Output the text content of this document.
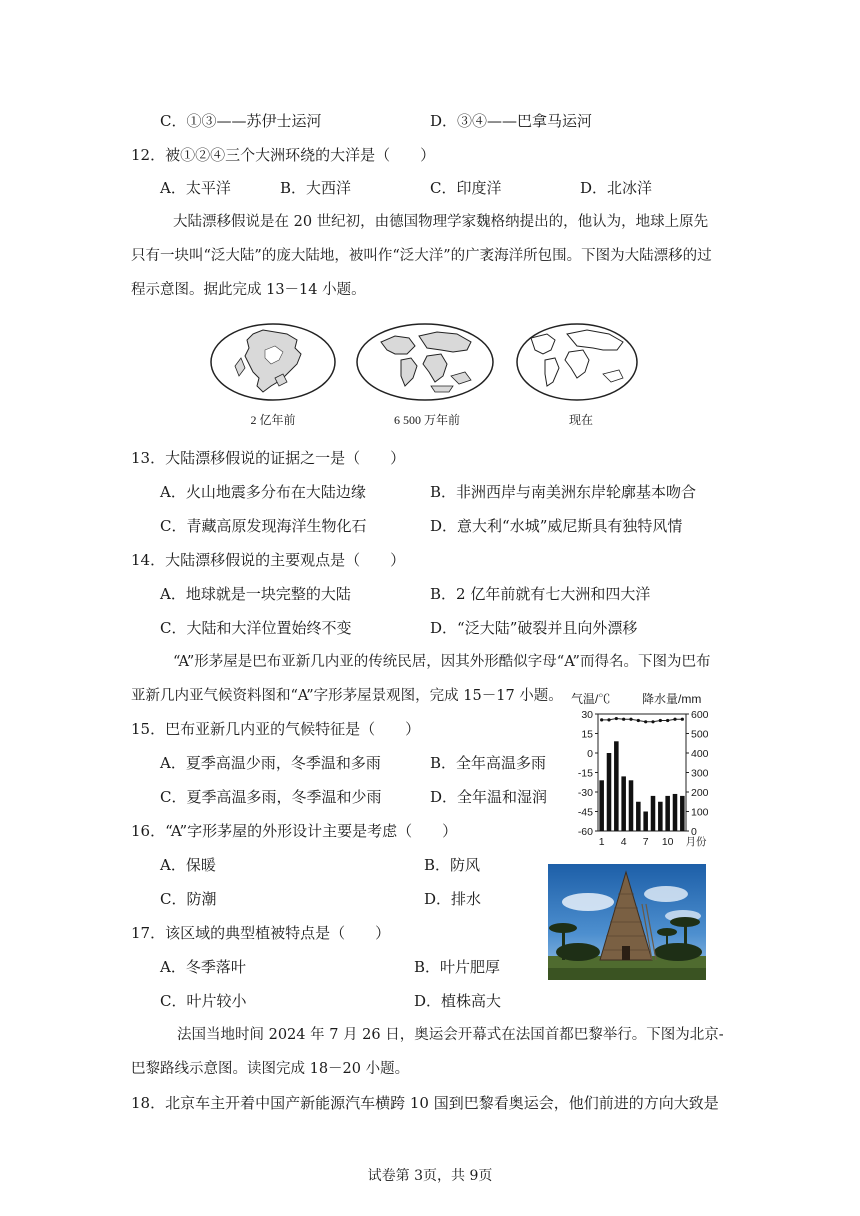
C．①③——苏伊士运河	D．③④——巴拿马运河
12．被①②④三个大洲环绕的大洋是（　　）
A．太平洋	B．大西洋	C．印度洋	D．北冰洋
大陆漂移假说是在 20 世纪初，由德国物理学家魏格纳提出的，他认为，地球上原先
只有一块叫“泛大陆”的庞大陆地，被叫作“泛大洋”的广袤海洋所包围。下图为大陆漂移的过
程示意图。据此完成 13－14 小题。
2 亿年前	6 500 万年前	现在
13．大陆漂移假说的证据之一是（　　）
A．火山地震多分布在大陆边缘	B．非洲西岸与南美洲东岸轮廓基本吻合
C．青藏高原发现海洋生物化石	D．意大利“水城”威尼斯具有独特风情
14．大陆漂移假说的主要观点是（　　）
A．地球就是一块完整的大陆	B．2 亿年前就有七大洲和四大洋
C．大陆和大洋位置始终不变	D．“泛大陆”破裂并且向外漂移
“A”形茅屋是巴布亚新几内亚的传统民居，因其外形酷似字母“A”而得名。下图为巴布
亚新几内亚气候资料图和“A”字形茅屋景观图，完成 15－17 小题。 气温/℃	降水量/mm
30
15
0
-15
-30
-45
-60
600
500
400
300
200
100
0
1 4 7 10 月份
15．巴布亚新几内亚的气候特征是（　　）
A．夏季高温少雨，冬季温和多雨	B．全年高温多雨
C．夏季高温多雨，冬季温和少雨	D．全年温和湿润
16．“A”字形茅屋的外形设计主要是考虑（　　）
A．保暖	B．防风
C．防潮	D．排水
17．该区域的典型植被特点是（　　）
A．冬季落叶	B．叶片肥厚
C．叶片较小	D．植株高大
法国当地时间 2024 年 7 月 26 日，奥运会开幕式在法国首都巴黎举行。下图为北京-
巴黎路线示意图。读图完成 18－20 小题。
18．北京车主开着中国产新能源汽车横跨 10 国到巴黎看奥运会，他们前进的方向大致是
试卷第 3页，共 9页
